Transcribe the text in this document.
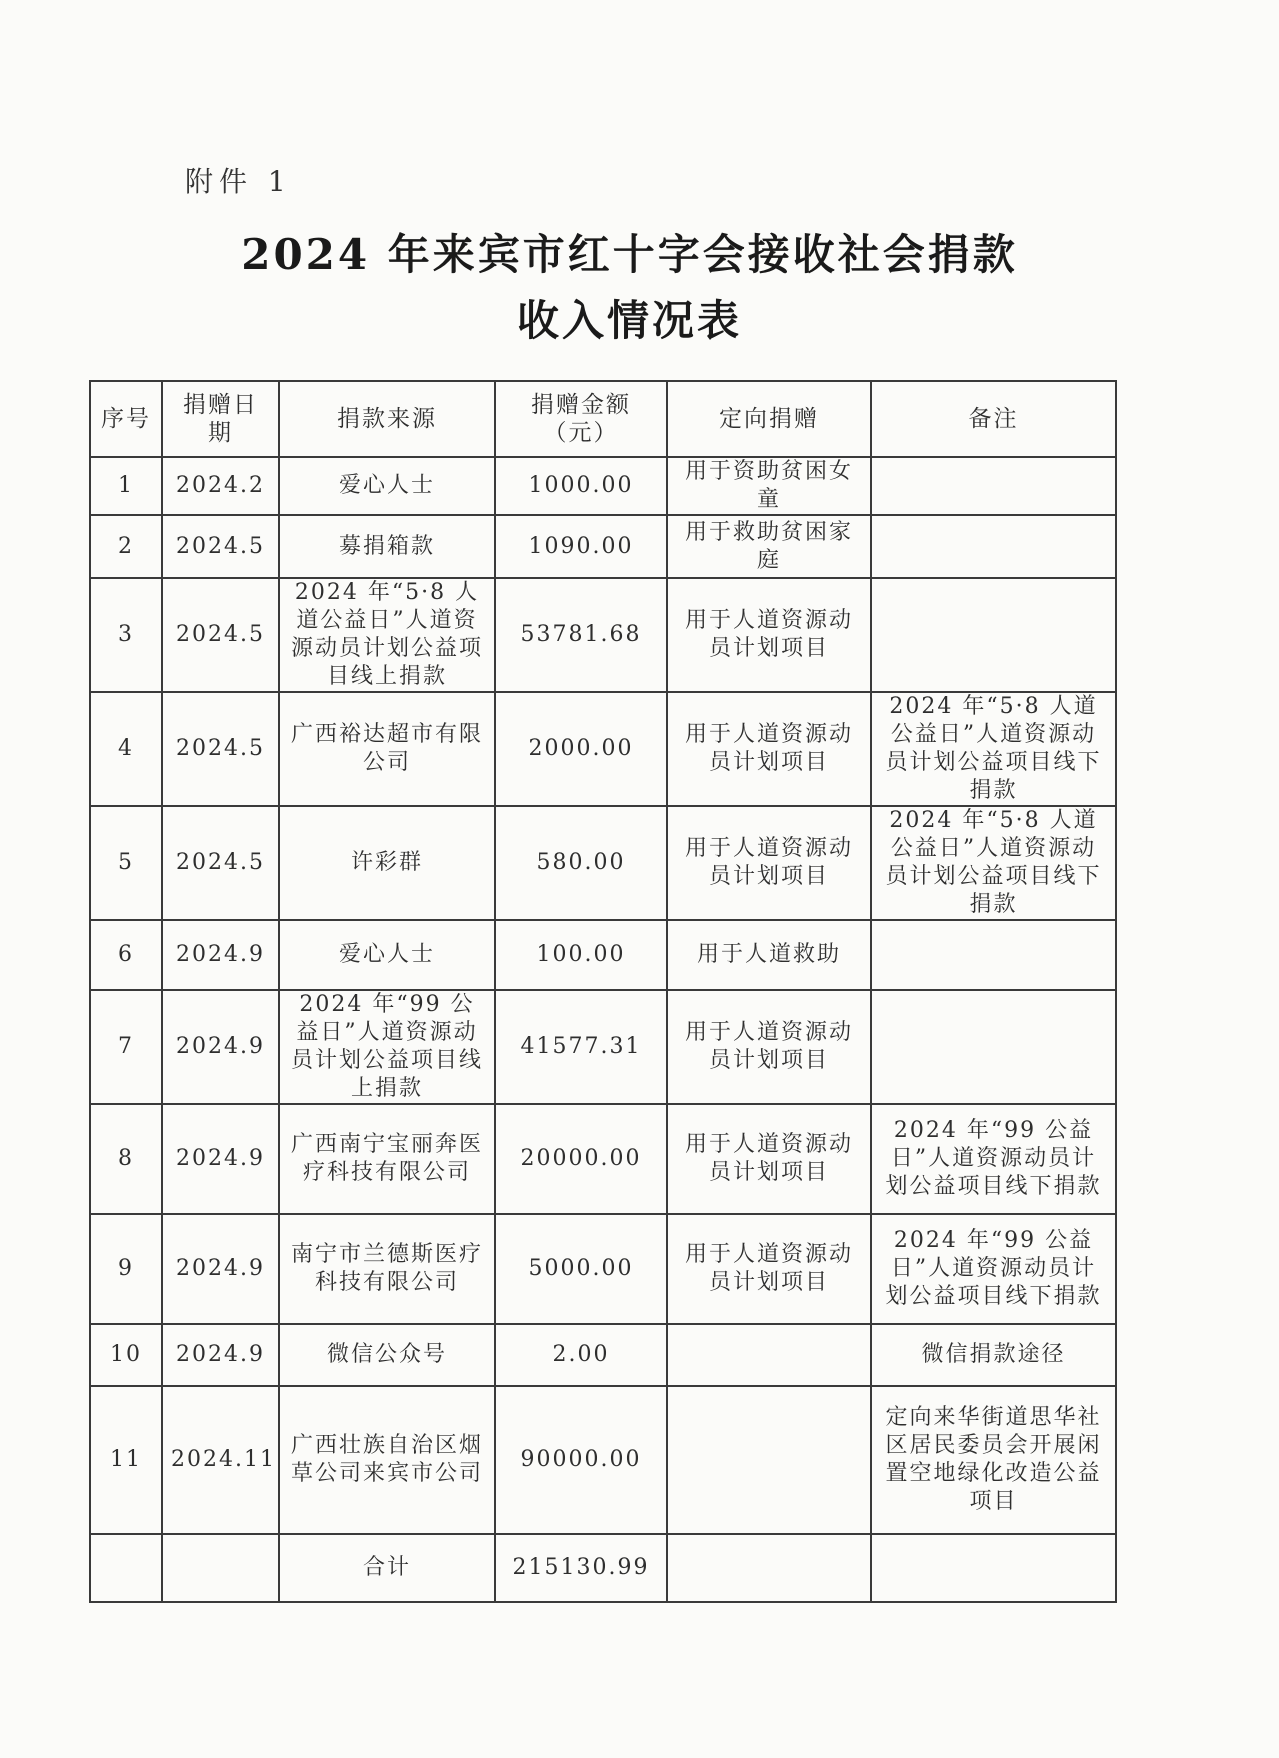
附件 1
2024 年来宾市红十字会接收社会捐款
收入情况表
序号	捐赠日期	捐款来源	捐赠金额（元）	定向捐赠	备注
1	2024.2	爱心人士	1000.00	用于资助贫困女童	
2	2024.5	募捐箱款	1090.00	用于救助贫困家庭	
3	2024.5	2024 年“5·8 人道公益日”人道资源动员计划公益项目线上捐款	53781.68	用于人道资源动员计划项目	
4	2024.5	广西裕达超市有限公司	2000.00	用于人道资源动员计划项目	2024 年“5·8 人道公益日”人道资源动员计划公益项目线下捐款
5	2024.5	许彩群	580.00	用于人道资源动员计划项目	2024 年“5·8 人道公益日”人道资源动员计划公益项目线下捐款
6	2024.9	爱心人士	100.00	用于人道救助	
7	2024.9	2024 年“99 公益日”人道资源动员计划公益项目线上捐款	41577.31	用于人道资源动员计划项目	
8	2024.9	广西南宁宝丽奔医疗科技有限公司	20000.00	用于人道资源动员计划项目	2024 年“99 公益日”人道资源动员计划公益项目线下捐款
9	2024.9	南宁市兰德斯医疗科技有限公司	5000.00	用于人道资源动员计划项目	2024 年“99 公益日”人道资源动员计划公益项目线下捐款
10	2024.9	微信公众号	2.00		微信捐款途径
11	2024.11	广西壮族自治区烟草公司来宾市公司	90000.00		定向来华街道思华社区居民委员会开展闲置空地绿化改造公益项目
		合计	215130.99		
